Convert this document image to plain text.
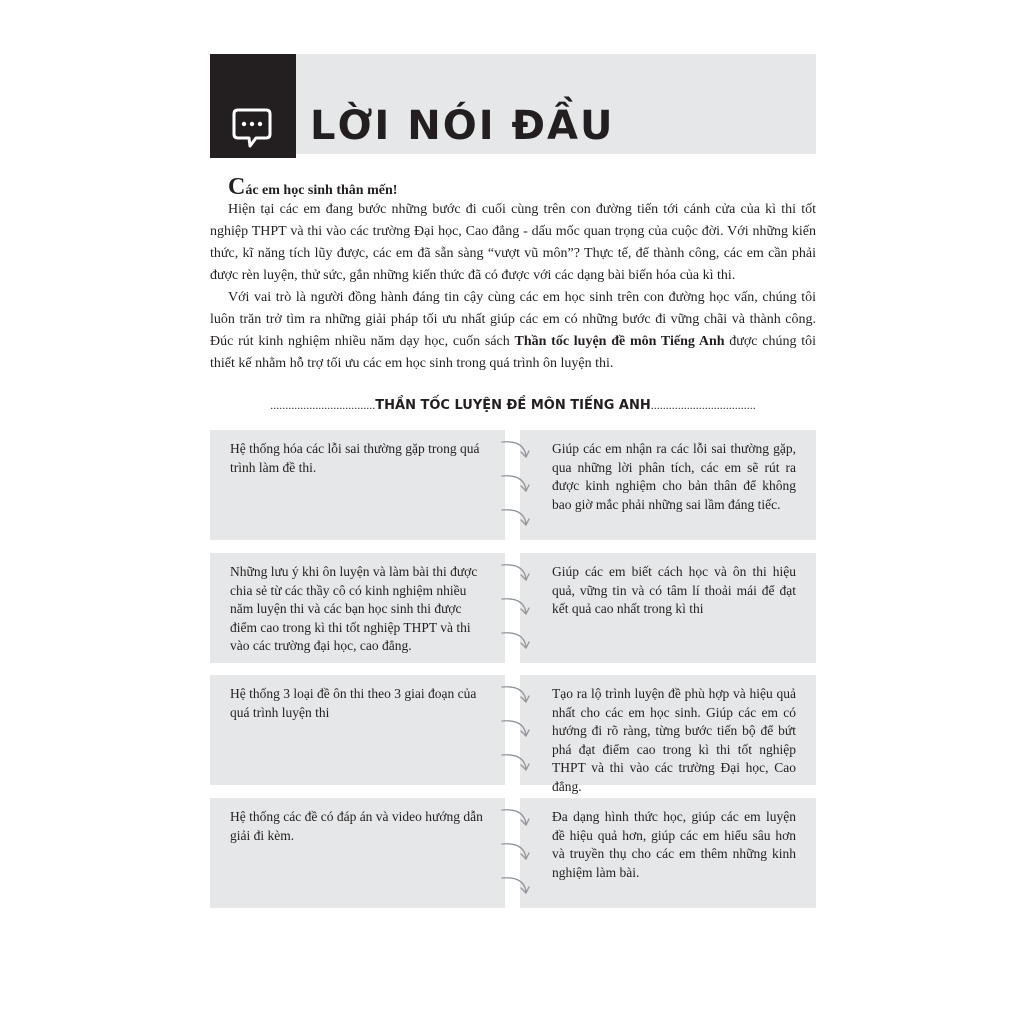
LỜI NÓI ĐẦU
Các em học sinh thân mến!

Hiện tại các em đang bước những bước đi cuối cùng trên con đường tiến tới cánh cửa của kì thi tốt nghiệp THPT và thi vào các trường Đại học, Cao đẳng - dấu mốc quan trọng của cuộc đời. Với những kiến thức, kĩ năng tích lũy được, các em đã sẵn sàng “vượt vũ môn”? Thực tế, để thành công, các em cần phải được rèn luyện, thử sức, gắn những kiến thức đã có được với các dạng bài biến hóa của kì thi.

Với vai trò là người đồng hành đáng tin cậy cùng các em học sinh trên con đường học vấn, chúng tôi luôn trăn trở tìm ra những giải pháp tối ưu nhất giúp các em có những bước đi vững chãi và thành công. Đúc rút kinh nghiệm nhiều năm dạy học, cuốn sách Thần tốc luyện đề môn Tiếng Anh được chúng tôi thiết kế nhằm hỗ trợ tối ưu các em học sinh trong quá trình ôn luyện thi.

...................................THẦN TỐC LUYỆN ĐỀ MÔN TIẾNG ANH...................................
Hệ thống hóa các lỗi sai thường gặp trong quá trình làm đề thi.
Giúp các em nhận ra các lỗi sai thường gặp, qua những lời phân tích, các em sẽ rút ra được kinh nghiệm cho bản thân để không bao giờ mắc phải những sai lầm đáng tiếc.
Những lưu ý khi ôn luyện và làm bài thi được chia sẻ từ các thầy cô có kinh nghiệm nhiều năm luyện thi và các bạn học sinh thi được điểm cao trong kì thi tốt nghiệp THPT và thi vào các trường đại học, cao đẳng.
Giúp các em biết cách học và ôn thi hiệu quả, vững tin và có tâm lí thoải mái để đạt kết quả cao nhất trong kì thi
Hệ thống 3 loại đề ôn thi theo 3 giai đoạn của quá trình luyện thi
Tạo ra lộ trình luyện đề phù hợp và hiệu quả nhất cho các em học sinh. Giúp các em có hướng đi rõ ràng, từng bước tiến bộ để bứt phá đạt điểm cao trong kì thi tốt nghiệp THPT và thi vào các trường Đại học, Cao đẳng.
Hệ thống các đề có đáp án và video hướng dẫn giải đi kèm.
Đa dạng hình thức học, giúp các em luyện đề hiệu quả hơn, giúp các em hiểu sâu hơn và truyền thụ cho các em thêm những kinh nghiệm làm bài.
